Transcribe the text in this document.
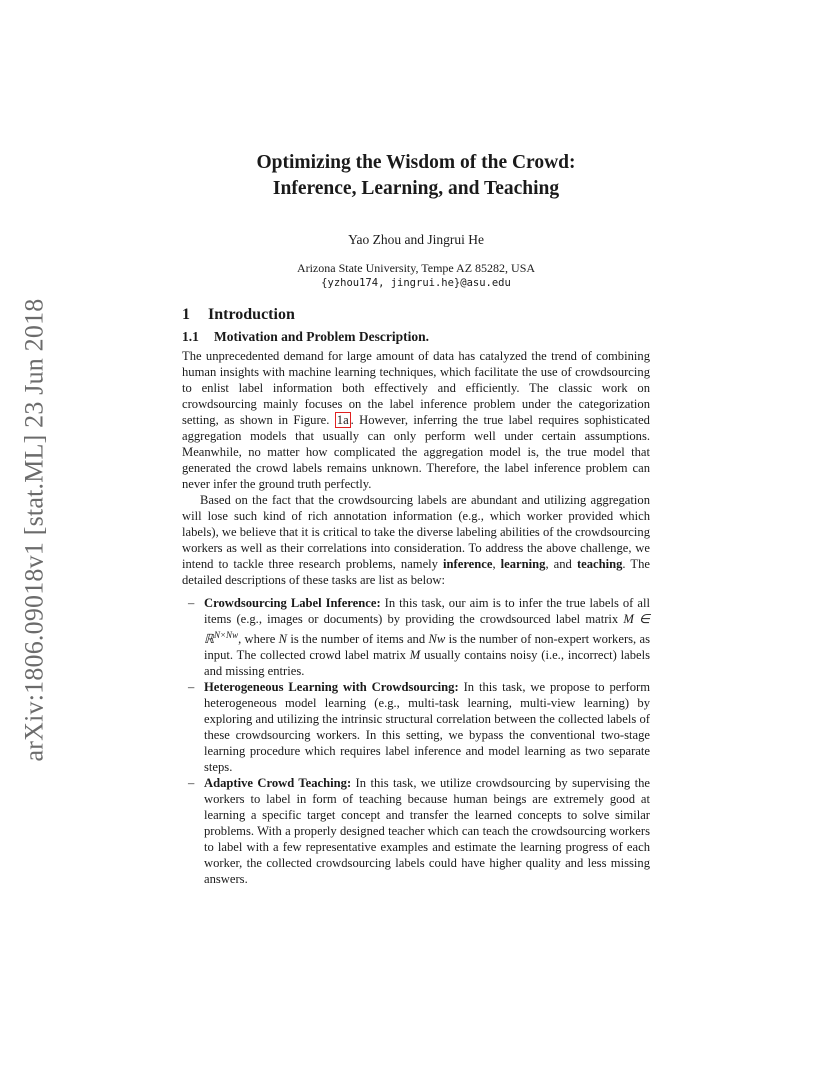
arXiv:1806.09018v1 [stat.ML] 23 Jun 2018
Optimizing the Wisdom of the Crowd:
Inference, Learning, and Teaching
Yao Zhou and Jingrui He
Arizona State University, Tempe AZ 85282, USA
{yzhou174, jingrui.he}@asu.edu
1 Introduction
1.1 Motivation and Problem Description.

The unprecedented demand for large amount of data has catalyzed the trend of combining human insights with machine learning techniques, which facilitate the use of crowdsourcing to enlist label information both effectively and efficiently. The classic work on crowdsourcing mainly focuses on the label inference problem under the categorization setting, as shown in Figure. 1a . However, inferring the true label requires sophisticated aggregation models that usually can only perform well under certain assumptions. Meanwhile, no matter how complicated the aggregation model is, the true model that generated the crowd labels remains unknown. Therefore, the label inference problem can never infer the ground truth perfectly.

Based on the fact that the crowdsourcing labels are abundant and utilizing aggregation will lose such kind of rich annotation information (e.g., which worker provided which labels), we believe that it is critical to take the diverse labeling abilities of the crowdsourcing workers as well as their correlations into consideration. To address the above challenge, we intend to tackle three research problems, namely inference, learning, and teaching. The detailed descriptions of these tasks are list as below:

– Crowdsourcing Label Inference: In this task, our aim is to infer the true labels of all items (e.g., images or documents) by providing the crowdsourced label matrix M ∈ ℝ$^{N\times Nw}$, where N is the number of items and Nw is the number of non-expert workers, as input. The collected crowd label matrix M usually contains noisy (i.e., incorrect) labels and missing entries.
– Heterogeneous Learning with Crowdsourcing: In this task, we propose to perform heterogeneous model learning (e.g., multi-task learning, multi-view learning) by exploring and utilizing the intrinsic structural correlation between the collected labels of these crowdsourcing workers. In this setting, we bypass the conventional two-stage learning procedure which requires label inference and model learning as two separate steps.
– Adaptive Crowd Teaching: In this task, we utilize crowdsourcing by supervising the workers to label in form of teaching because human beings are extremely good at learning a specific target concept and transfer the learned concepts to solve similar problems. With a properly designed teacher which can teach the crowdsourcing workers to label with a few representative examples and estimate the learning progress of each worker, the collected crowdsourcing labels could have higher quality and less missing answers.
